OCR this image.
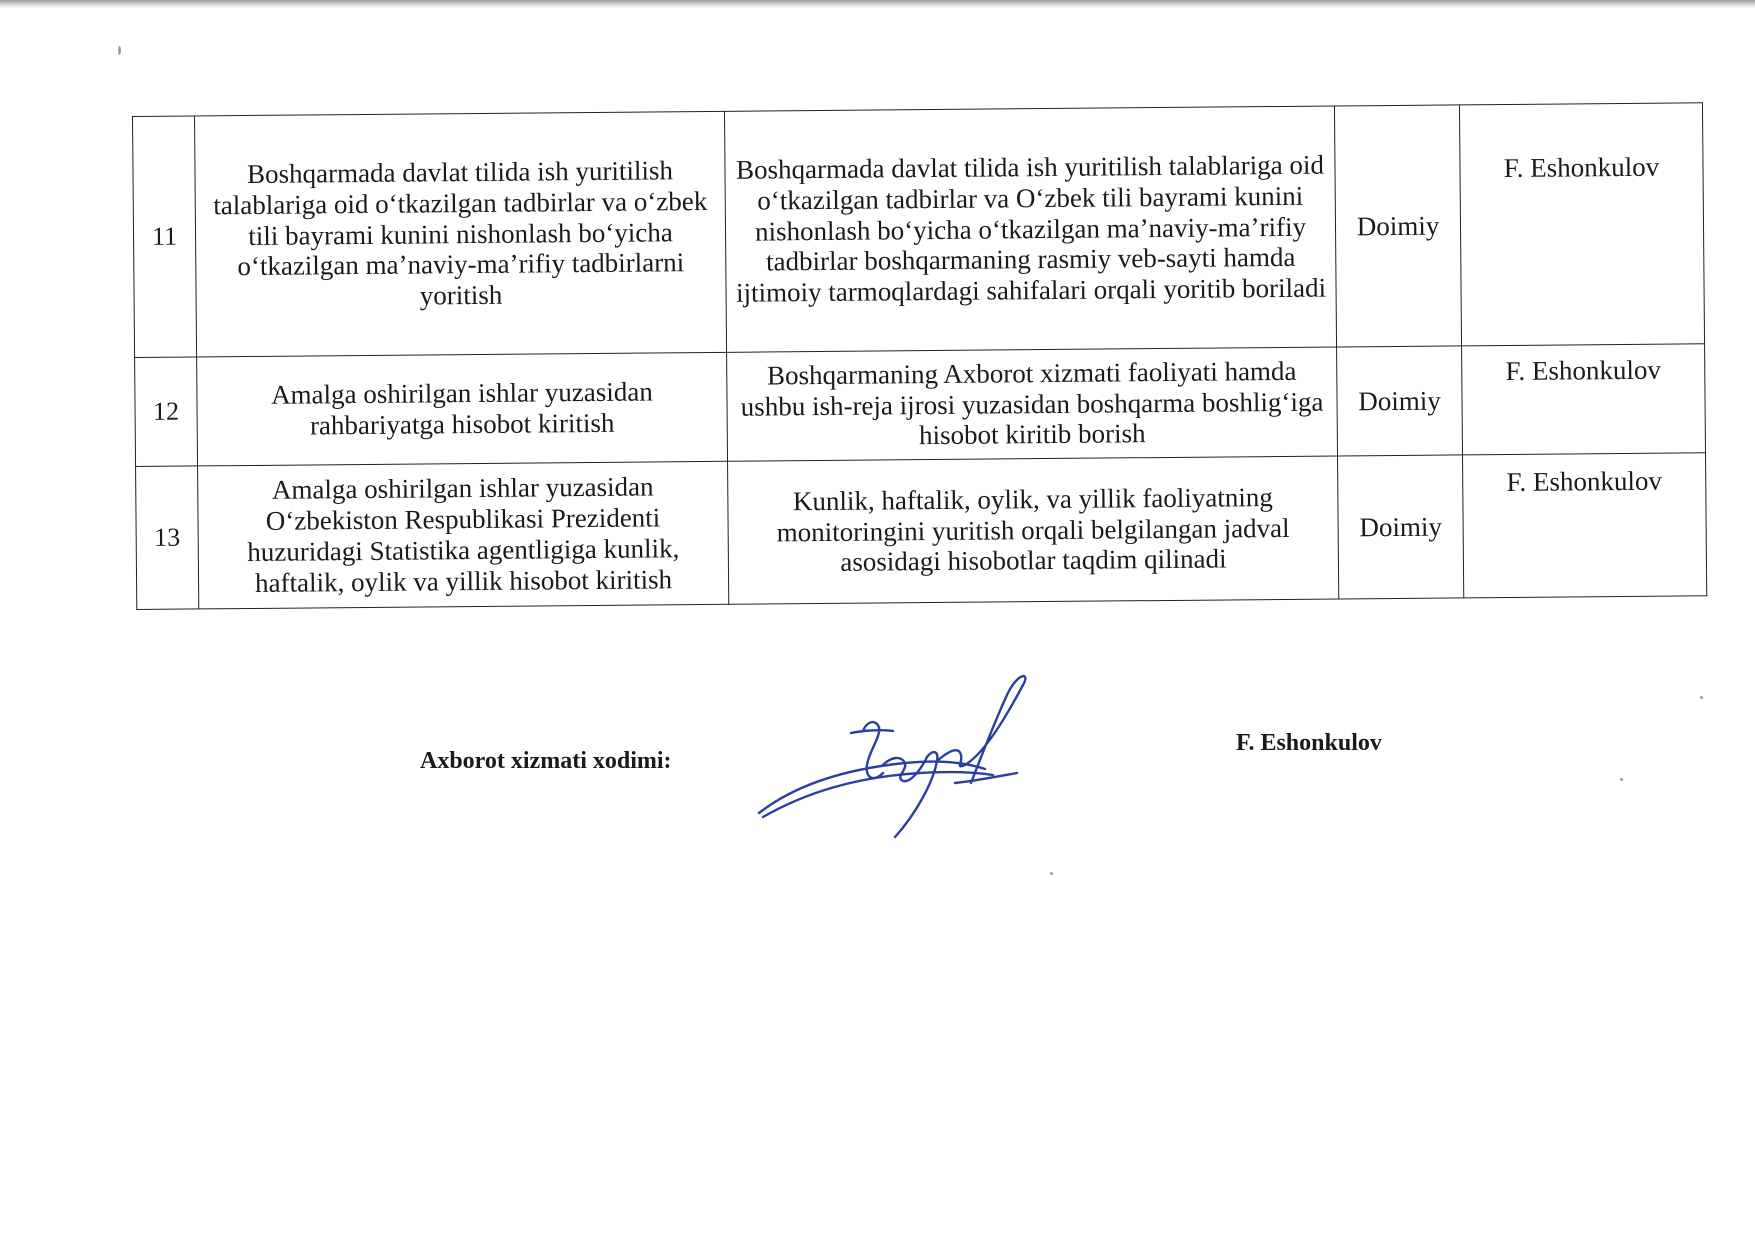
11	Boshqarmada davlat tilida ish yuritilish talablariga oid o‘tkazilgan tadbirlar va o‘zbek tili bayrami kunini nishonlash bo‘yicha o‘tkazilgan ma’naviy-ma’rifiy tadbirlarni yoritish	Boshqarmada davlat tilida ish yuritilish talablariga oid o‘tkazilgan tadbirlar va O‘zbek tili bayrami kunini nishonlash bo‘yicha o‘tkazilgan ma’naviy-ma’rifiy tadbirlar boshqarmaning rasmiy veb-sayti hamda ijtimoiy tarmoqlardagi sahifalari orqali yoritib boriladi	Doimiy	F. Eshonkulov
12	Amalga oshirilgan ishlar yuzasidan rahbariyatga hisobot kiritish	Boshqarmaning Axborot xizmati faoliyati hamda ushbu ish-reja ijrosi yuzasidan boshqarma boshlig‘iga hisobot kiritib borish	Doimiy	F. Eshonkulov
13	Amalga oshirilgan ishlar yuzasidan O‘zbekiston Respublikasi Prezidenti huzuridagi Statistika agentligiga kunlik, haftalik, oylik va yillik hisobot kiritish	Kunlik, haftalik, oylik, va yillik faoliyatning monitoringini yuritish orqali belgilangan jadval asosidagi hisobotlar taqdim qilinadi	Doimiy	F. Eshonkulov
Axborot xizmati xodimi:
F. Eshonkulov
